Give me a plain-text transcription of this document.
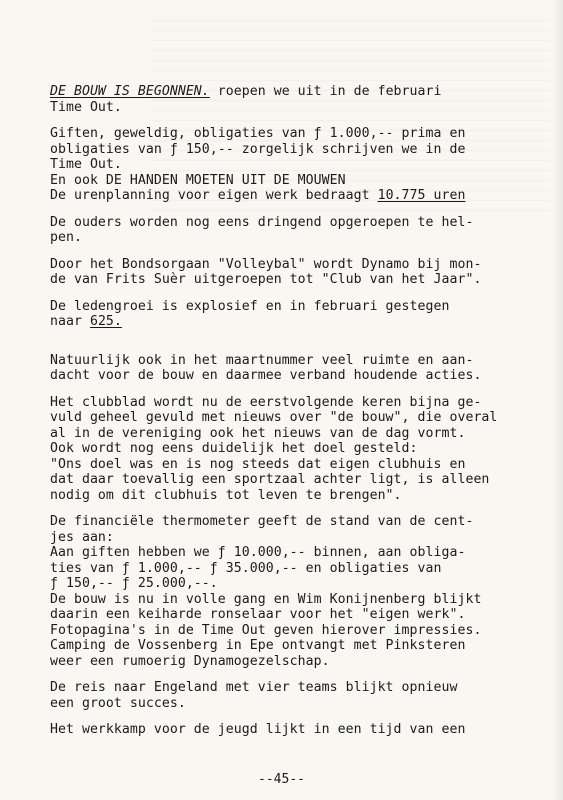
DE BOUW IS BEGONNEN. roepen we uit in de februari
Time Out.

Giften, geweldig, obligaties van ƒ 1.000,-- prima en
obligaties van ƒ 150,-- zorgelijk schrijven we in de
Time Out.

En ook DE HANDEN MOETEN UIT DE MOUWEN

De urenplanning voor eigen werk bedraagt 10.775 uren

De ouders worden nog eens dringend opgeroepen te hel-
pen.

Door het Bondsorgaan "Volleybal" wordt Dynamo bij mon-
de van Frits Suèr uitgeroepen tot "Club van het Jaar".

De ledengroei is explosief en in februari gestegen
naar 625.

Natuurlijk ook in het maartnummer veel ruimte en aan-
dacht voor de bouw en daarmee verband houdende acties.

Het clubblad wordt nu de eerstvolgende keren bijna ge-
vuld geheel gevuld met nieuws over "de bouw", die overal
al in de vereniging ook het nieuws van de dag vormt.
Ook wordt nog eens duidelijk het doel gesteld:
"Ons doel was en is nog steeds dat eigen clubhuis en
dat daar toevallig een sportzaal achter ligt, is alleen
nodig om dit clubhuis tot leven te brengen".

De financiële thermometer geeft de stand van de cent-
jes aan:
Aan giften hebben we ƒ 10.000,-- binnen, aan obliga-
ties van ƒ 1.000,-- ƒ 35.000,-- en obligaties van
ƒ 150,-- ƒ 25.000,--.
De bouw is nu in volle gang en Wim Konijnenberg blijkt
daarin een keiharde ronselaar voor het "eigen werk".
Fotopagina's in de Time Out geven hierover impressies.
Camping de Vossenberg in Epe ontvangt met Pinksteren
weer een rumoerig Dynamogezelschap.

De reis naar Engeland met vier teams blijkt opnieuw
een groot succes.

Het werkkamp voor de jeugd lijkt in een tijd van een

--45--
